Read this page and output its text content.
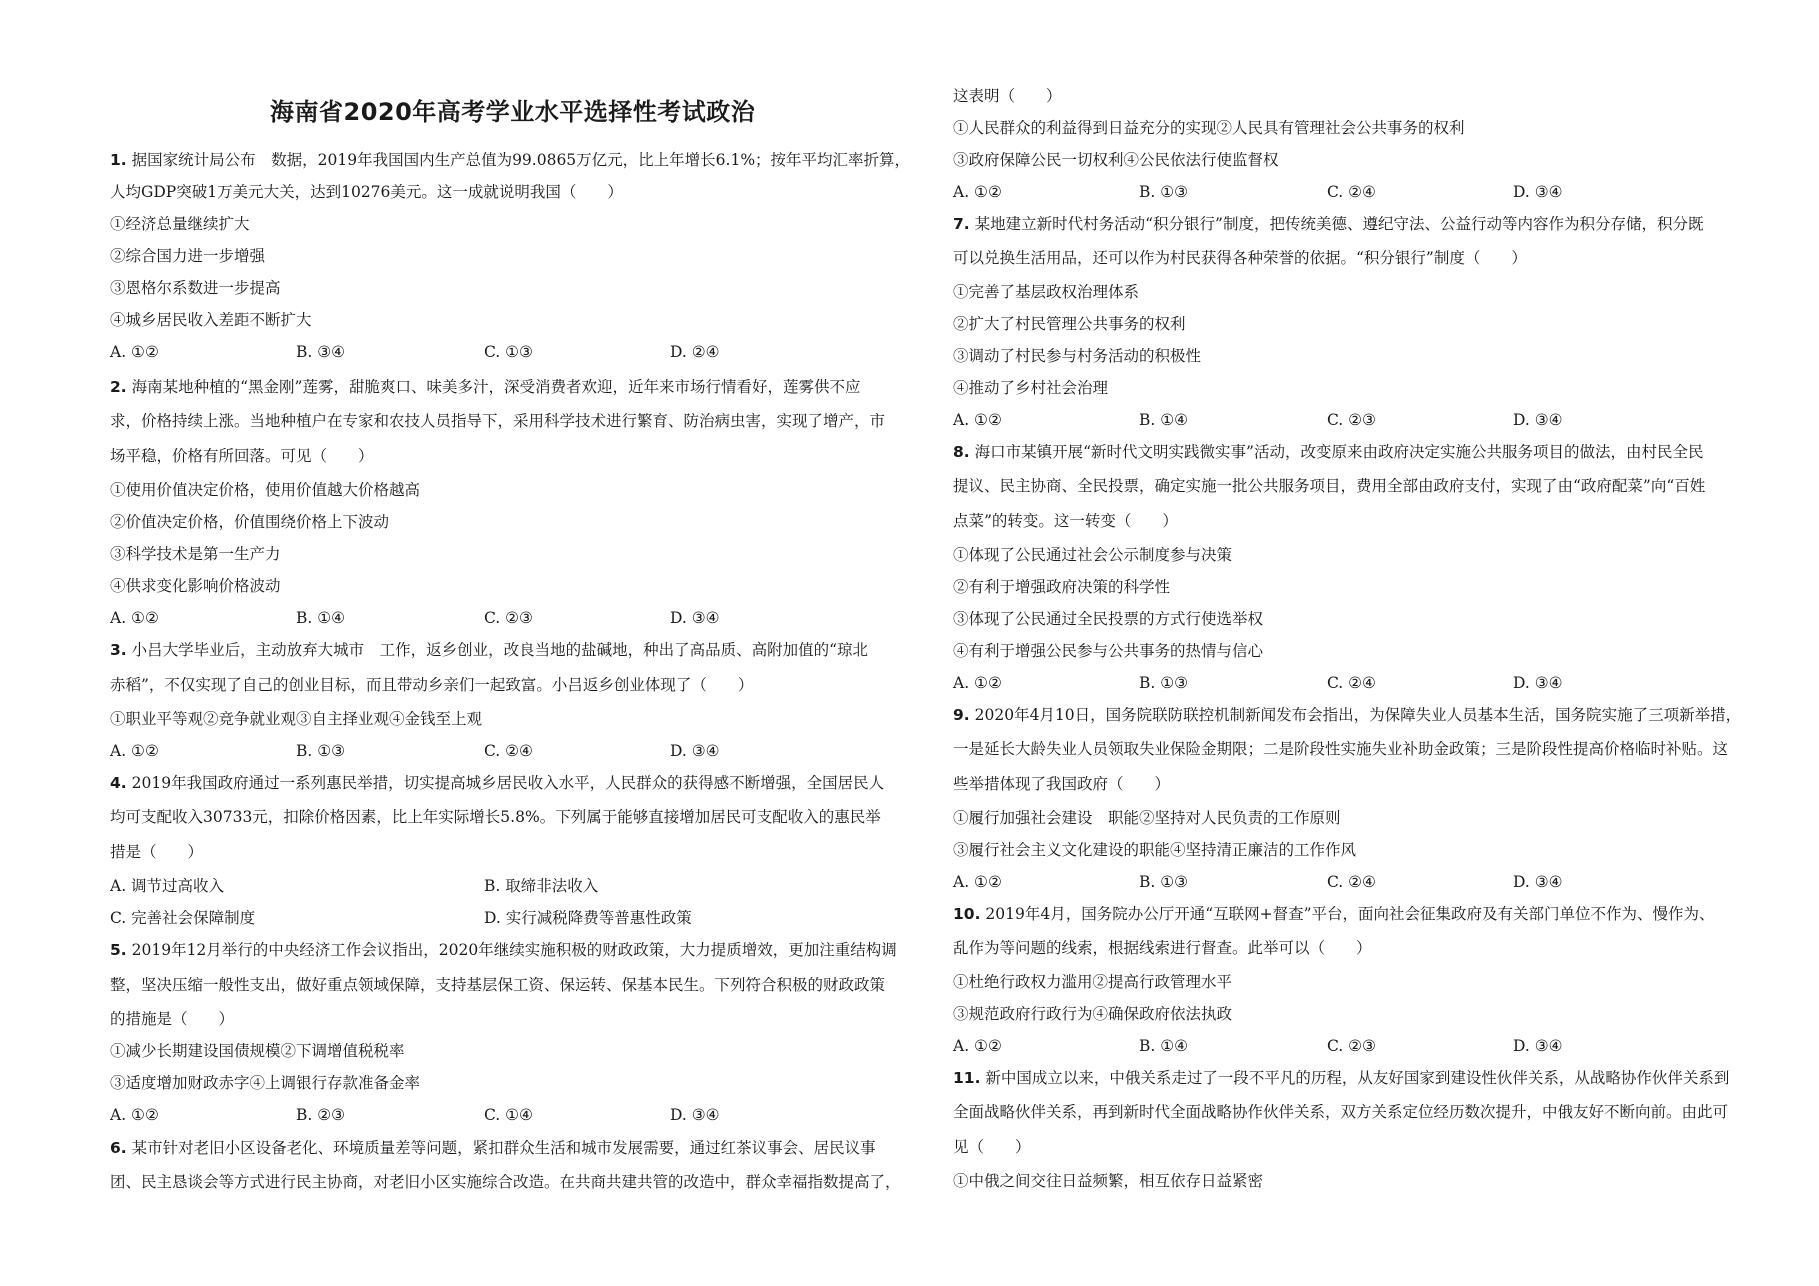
海南省2020年高考学业水平选择性考试政治
1. 据国家统计局公布　数据，2019年我国国内生产总值为99.0865万亿元，比上年增长6.1%；按年平均汇率折算，
人均GDP突破1万美元大关，达到10276美元。这一成就说明我国（　　）
①经济总量继续扩大
②综合国力进一步增强
③恩格尔系数进一步提高
④城乡居民收入差距不断扩大
A. ①②	B. ③④	C. ①③	D. ②④
2. 海南某地种植的“黑金刚”莲雾，甜脆爽口、味美多汁，深受消费者欢迎，近年来市场行情看好，莲雾供不应
求，价格持续上涨。当地种植户在专家和农技人员指导下，采用科学技术进行繁育、防治病虫害，实现了增产，市
场平稳，价格有所回落。可见（　　）
①使用价值决定价格，使用价值越大价格越高
②价值决定价格，价值围绕价格上下波动
③科学技术是第一生产力
④供求变化影响价格波动
A. ①②	B. ①④	C. ②③	D. ③④
3. 小吕大学毕业后，主动放弃大城市　工作，返乡创业，改良当地的盐碱地，种出了高品质、高附加值的“琼北
赤稻”，不仅实现了自己的创业目标，而且带动乡亲们一起致富。小吕返乡创业体现了（　　）
①职业平等观②竞争就业观③自主择业观④金钱至上观
A. ①②	B. ①③	C. ②④	D. ③④
4. 2019年我国政府通过一系列惠民举措，切实提高城乡居民收入水平，人民群众的获得感不断增强，全国居民人
均可支配收入30733元，扣除价格因素，比上年实际增长5.8%。下列属于能够直接增加居民可支配收入的惠民举
措是（　　）
A. 调节过高收入	B. 取缔非法收入
C. 完善社会保障制度	D. 实行减税降费等普惠性政策
5. 2019年12月举行的中央经济工作会议指出，2020年继续实施积极的财政政策，大力提质增效，更加注重结构调
整，坚决压缩一般性支出，做好重点领域保障，支持基层保工资、保运转、保基本民生。下列符合积极的财政政策
的措施是（　　）
①减少长期建设国债规模②下调增值税税率
③适度增加财政赤字④上调银行存款准备金率
A. ①②	B. ②③	C. ①④	D. ③④
6. 某市针对老旧小区设备老化、环境质量差等问题，紧扣群众生活和城市发展需要，通过红茶议事会、居民议事
团、民主恳谈会等方式进行民主协商，对老旧小区实施综合改造。在共商共建共管的改造中，群众幸福指数提高了，
这表明（　　）
①人民群众的利益得到日益充分的实现②人民具有管理社会公共事务的权利
③政府保障公民一切权利④公民依法行使监督权
A. ①②	B. ①③	C. ②④	D. ③④
7. 某地建立新时代村务活动“积分银行”制度，把传统美德、遵纪守法、公益行动等内容作为积分存储，积分既
可以兑换生活用品，还可以作为村民获得各种荣誉的依据。“积分银行”制度（　　）
①完善了基层政权治理体系
②扩大了村民管理公共事务的权利
③调动了村民参与村务活动的积极性
④推动了乡村社会治理
A. ①②	B. ①④	C. ②③	D. ③④
8. 海口市某镇开展“新时代文明实践微实事”活动，改变原来由政府决定实施公共服务项目的做法，由村民全民
提议、民主协商、全民投票，确定实施一批公共服务项目，费用全部由政府支付，实现了由“政府配菜”向“百姓
点菜”的转变。这一转变（　　）
①体现了公民通过社会公示制度参与决策
②有利于增强政府决策的科学性
③体现了公民通过全民投票的方式行使选举权
④有利于增强公民参与公共事务的热情与信心
A. ①②	B. ①③	C. ②④	D. ③④
9. 2020年4月10日，国务院联防联控机制新闻发布会指出，为保障失业人员基本生活，国务院实施了三项新举措，
一是延长大龄失业人员领取失业保险金期限；二是阶段性实施失业补助金政策；三是阶段性提高价格临时补贴。这
些举措体现了我国政府（　　）
①履行加强社会建设　职能②坚持对人民负责的工作原则
③履行社会主义文化建设的职能④坚持清正廉洁的工作作风
A. ①②	B. ①③	C. ②④	D. ③④
10. 2019年4月，国务院办公厅开通“互联网+督查”平台，面向社会征集政府及有关部门单位不作为、慢作为、
乱作为等问题的线索，根据线索进行督查。此举可以（　　）
①杜绝行政权力滥用②提高行政管理水平
③规范政府行政行为④确保政府依法执政
A. ①②	B. ①④	C. ②③	D. ③④
11. 新中国成立以来，中俄关系走过了一段不平凡的历程，从友好国家到建设性伙伴关系，从战略协作伙伴关系到
全面战略伙伴关系，再到新时代全面战略协作伙伴关系，双方关系定位经历数次提升，中俄友好不断向前。由此可
见（　　）
①中俄之间交往日益频繁，相互依存日益紧密
